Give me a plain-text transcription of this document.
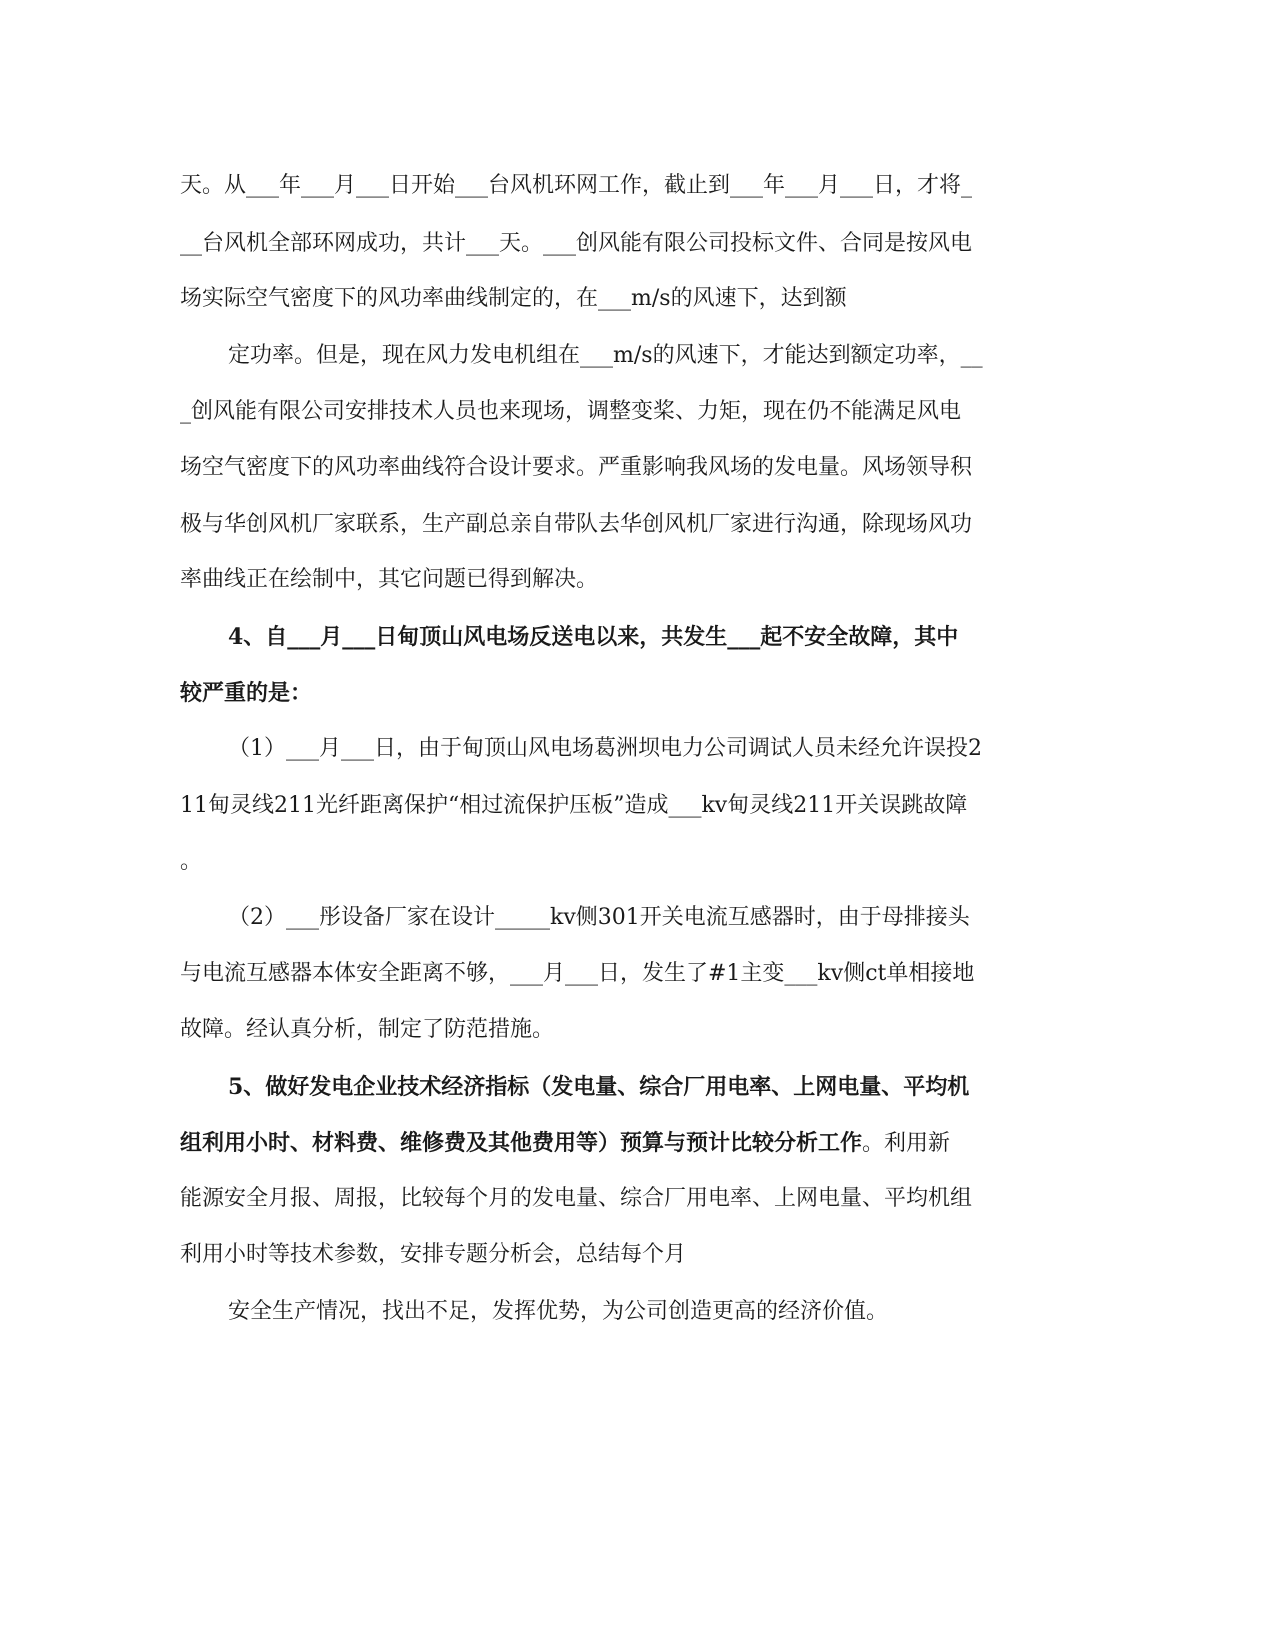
天。从___年___月___日开始___台风机环网工作，截止到___年___月___日，才将_
__台风机全部环网成功，共计___天。___创风能有限公司投标文件、合同是按风电
场实际空气密度下的风功率曲线制定的，在___m/s的风速下，达到额
定功率。但是，现在风力发电机组在___m/s的风速下，才能达到额定功率，__
_创风能有限公司安排技术人员也来现场，调整变桨、力矩，现在仍不能满足风电
场空气密度下的风功率曲线符合设计要求。严重影响我风场的发电量。风场领导积
极与华创风机厂家联系，生产副总亲自带队去华创风机厂家进行沟通，除现场风功
率曲线正在绘制中，其它问题已得到解决。
4、自___月___日甸顶山风电场反送电以来，共发生___起不安全故障，其中
较严重的是：
（1）___月___日，由于甸顶山风电场葛洲坝电力公司调试人员未经允许误投2
11甸灵线211光纤距离保护“相过流保护压板”造成___kv甸灵线211开关误跳故障
。
（2）___彤设备厂家在设计_____kv侧301开关电流互感器时，由于母排接头
与电流互感器本体安全距离不够，___月___日，发生了#1主变___kv侧ct单相接地
故障。经认真分析，制定了防范措施。
5、做好发电企业技术经济指标（发电量、综合厂用电率、上网电量、平均机
组利用小时、材料费、维修费及其他费用等）预算与预计比较分析工作。利用新
能源安全月报、周报，比较每个月的发电量、综合厂用电率、上网电量、平均机组
利用小时等技术参数，安排专题分析会，总结每个月
安全生产情况，找出不足，发挥优势，为公司创造更高的经济价值。
